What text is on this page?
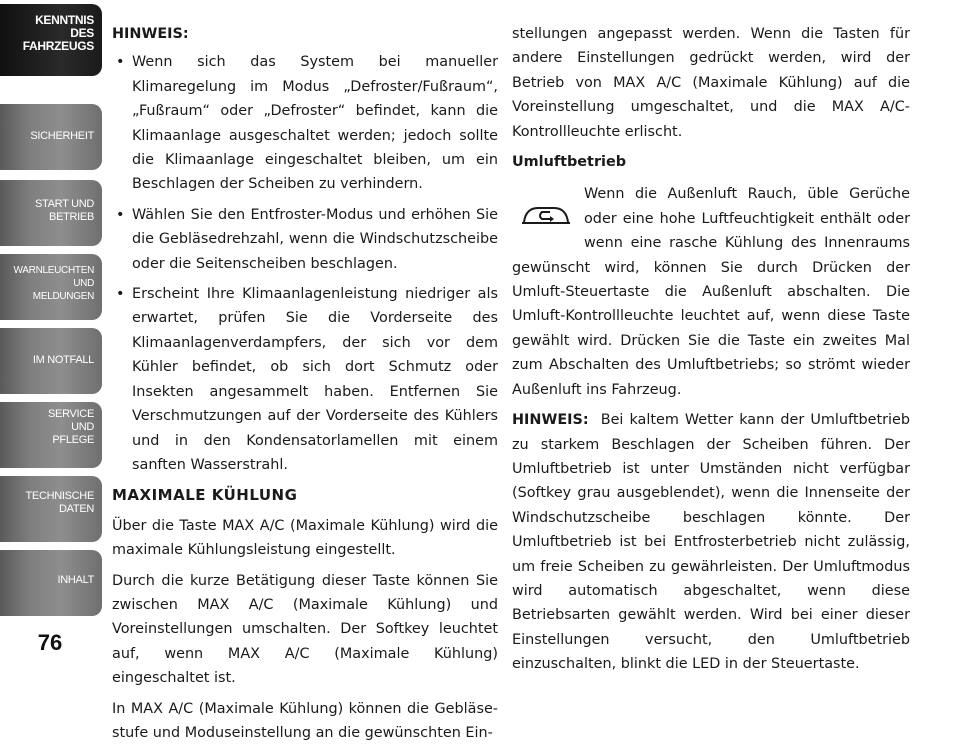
KENNTNIS
DES
FAHRZEUGS
SICHERHEIT
START UND
BETRIEB
WARNLEUCHTEN
UND
MELDUNGEN
IM NOTFALL
SERVICE
UND
PFLEGE
TECHNISCHE
DATEN
INHALT
76
HINWEIS:
• Wenn sich das System bei manueller Klimaregelung im Modus „Defroster/Fußraum“, „Fußraum“ oder „Defroster“ befindet, kann die Klimaanlage ausgeschaltet werden; jedoch sollte die Klimaanlage eingeschaltet bleiben, um ein Beschlagen der Scheiben zu verhindern.
• Wählen Sie den Entfroster-Modus und erhöhen Sie die Gebläsedrehzahl, wenn die Windschutzscheibe oder die Seitenscheiben beschlagen.
• Erscheint Ihre Klimaanlagenleistung niedriger als erwartet, prüfen Sie die Vorderseite des Klimaanlagenverdampfers, der sich vor dem Kühler befindet, ob sich dort Schmutz oder Insekten angesammelt haben. Entfernen Sie Verschmutzungen auf der Vorderseite des Kühlers und in den Kondensatorlamellen mit einem sanften Wasserstrahl.
MAXIMALE KÜHLUNG

Über die Taste MAX A/C (Maximale Kühlung) wird die maximale Kühlungsleistung eingestellt.

Durch die kurze Betätigung dieser Taste können Sie zwischen MAX A/C (Maximale Kühlung) und Voreinstellungen umschalten. Der Softkey leuchtet auf, wenn MAX A/C (Maximale Kühlung) eingeschaltet ist.

In MAX A/C (Maximale Kühlung) können die Gebläse- stufe und Moduseinstellung an die gewünschten Ein-

stellungen angepasst werden. Wenn die Tasten für andere Einstellungen gedrückt werden, wird der Betrieb von MAX A/C (Maximale Kühlung) auf die Voreinstellung umgeschaltet, und die MAX A/C-Kontrollleuchte erlischt.

Umluftbetrieb

Wenn die Außenluft Rauch, üble Gerüche oder eine hohe Luftfeuchtigkeit enthält oder wenn eine rasche Kühlung des Innenraums gewünscht wird, können Sie durch Drücken der Umluft-Steuertaste die Außenluft abschalten. Die Umluft-Kontrollleuchte leuchtet auf, wenn diese Taste gewählt wird. Drücken Sie die Taste ein zweites Mal zum Abschalten des Umluftbetriebs; so strömt wieder Außenluft ins Fahrzeug.

HINWEIS: Bei kaltem Wetter kann der Umluftbetrieb zu starkem Beschlagen der Scheiben führen. Der Umluftbetrieb ist unter Umständen nicht verfügbar (Softkey grau ausgeblendet), wenn die Innenseite der Windschutzscheibe beschlagen könnte. Der Umluftbetrieb ist bei Entfrosterbetrieb nicht zulässig, um freie Scheiben zu gewährleisten. Der Umluftmodus wird automatisch abgeschaltet, wenn diese Betriebsarten gewählt werden. Wird bei einer dieser Einstellungen versucht, den Umluftbetrieb einzuschalten, blinkt die LED in der Steuertaste.
